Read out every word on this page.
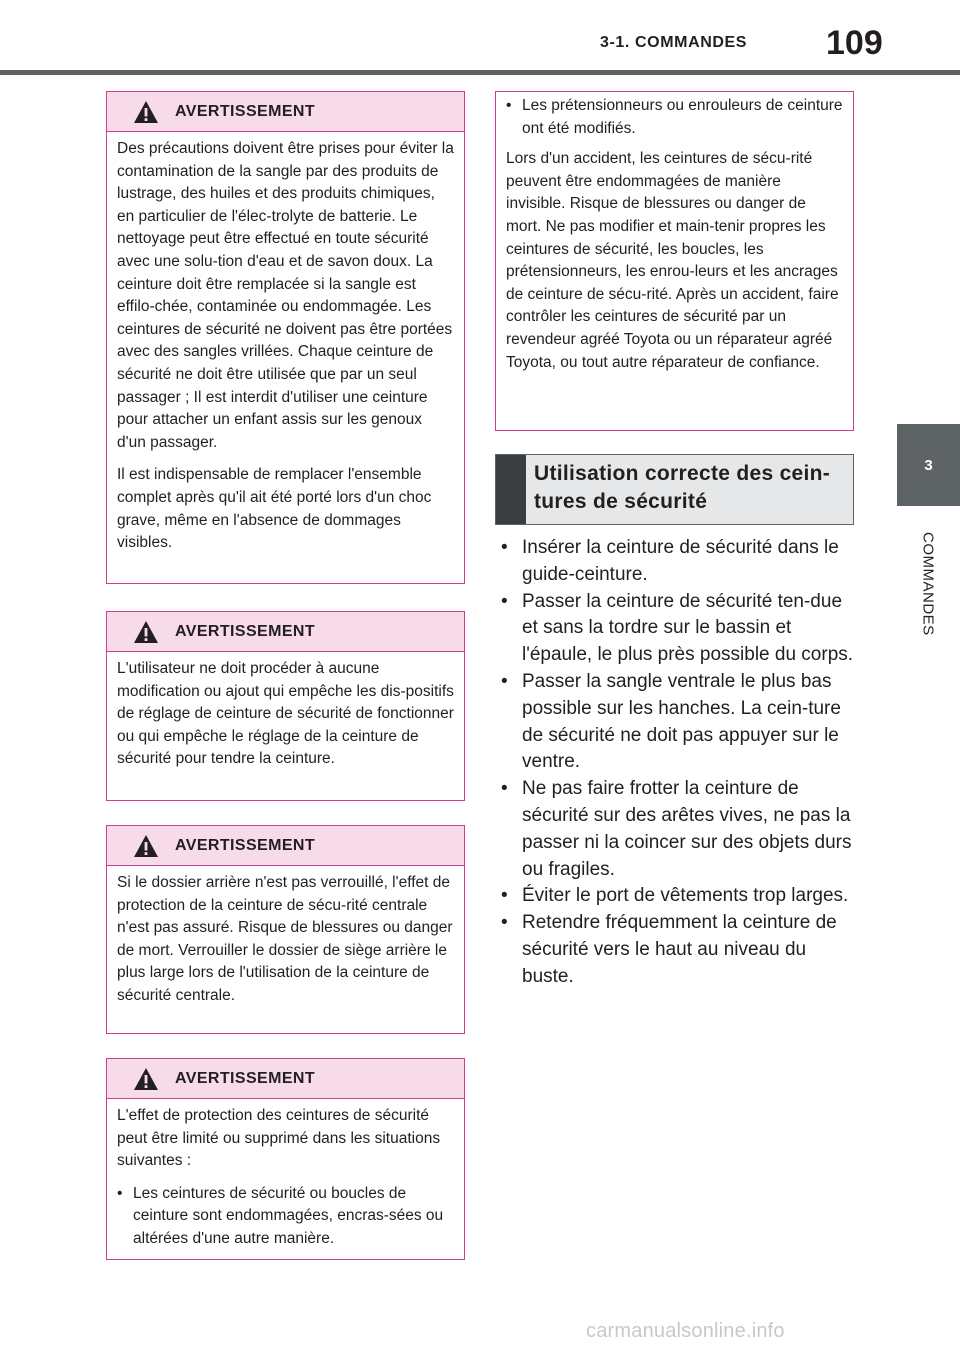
3-1. COMMANDES 109
3
COMMANDES
AVERTISSEMENT

Des précautions doivent être prises pour éviter la contamination de la sangle par des produits de lustrage, des huiles et des produits chimiques, en particulier de l'élec-trolyte de batterie. Le nettoyage peut être effectué en toute sécurité avec une solu-tion d'eau et de savon doux. La ceinture doit être remplacée si la sangle est effilo-chée, contaminée ou endommagée. Les ceintures de sécurité ne doivent pas être portées avec des sangles vrillées. Chaque ceinture de sécurité ne doit être utilisée que par un seul passager ; Il est interdit d'utiliser une ceinture pour attacher un enfant assis sur les genoux d'un passager.

Il est indispensable de remplacer l'ensemble complet après qu'il ait été porté lors d'un choc grave, même en l'absence de dommages visibles.

AVERTISSEMENT

L'utilisateur ne doit procéder à aucune modification ou ajout qui empêche les dis-positifs de réglage de ceinture de sécurité de fonctionner ou qui empêche le réglage de la ceinture de sécurité pour tendre la ceinture.

AVERTISSEMENT

Si le dossier arrière n'est pas verrouillé, l'effet de protection de la ceinture de sécu-rité centrale n'est pas assuré. Risque de blessures ou danger de mort. Verrouiller le dossier de siège arrière le plus large lors de l'utilisation de la ceinture de sécurité centrale.

AVERTISSEMENT

L'effet de protection des ceintures de sécurité peut être limité ou supprimé dans les situations suivantes :

• Les ceintures de sécurité ou boucles de ceinture sont endommagées, encras-sées ou altérées d'une autre manière.
• Les prétensionneurs ou enrouleurs de ceinture ont été modifiés.

Lors d'un accident, les ceintures de sécu-rité peuvent être endommagées de manière invisible. Risque de blessures ou danger de mort. Ne pas modifier et main-tenir propres les ceintures de sécurité, les boucles, les prétensionneurs, les enrou-leurs et les ancrages de ceinture de sécu-rité. Après un accident, faire contrôler les ceintures de sécurité par un revendeur agréé Toyota ou un réparateur agréé Toyota, ou tout autre réparateur de confiance.

Utilisation correcte des cein-tures de sécurité
• Insérer la ceinture de sécurité dans le guide-ceinture.
• Passer la ceinture de sécurité ten-due et sans la tordre sur le bassin et l'épaule, le plus près possible du corps.
• Passer la sangle ventrale le plus bas possible sur les hanches. La cein-ture de sécurité ne doit pas appuyer sur le ventre.
• Ne pas faire frotter la ceinture de sécurité sur des arêtes vives, ne pas la passer ni la coincer sur des objets durs ou fragiles.
• Éviter le port de vêtements trop larges.
• Retendre fréquemment la ceinture de sécurité vers le haut au niveau du buste.
carmanualsonline.info
